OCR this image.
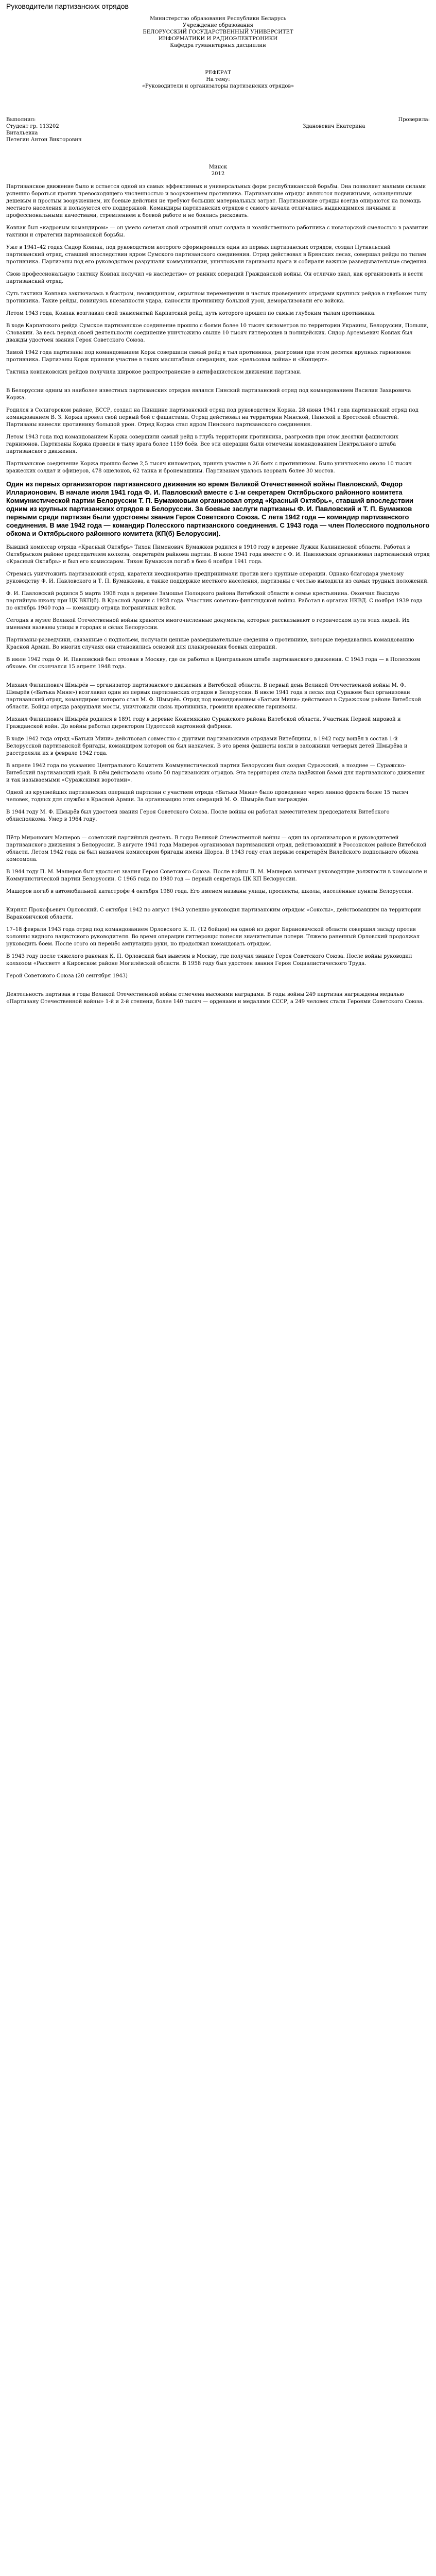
Руководители партизанских отрядов
Министерство образования Республики Беларусь
Учреждение образования
БЕЛОРУССКИЙ ГОСУДАРСТВЕННЫЙ УНИВЕРСИТЕТ
ИНФОРМАТИКИ И РАДИОЭЛЕКТРОНИКИ
Кафедра гуманитарных дисциплин
РЕФЕРАТ
На тему:
«Руководители и организаторы партизанских отрядов»
Выполнил:	Проверила:
Студент гр. 113202	Здановевич Екатерина
Витальевна
Петегин Антон Викторович
Минск
2012

Партизанское движение было и остается одной из самых эффективных и универсальных форм республиканской борьбы. Она позволяет малыми силами успешно бороться против превосходящего численностью и вооружением противника. Партизанские отряды являются подвижными, оснащенными дешевым и простым вооружением, их боевые действия не требуют больших материальных затрат. Партизанские отряды всегда опираются на помощь местного населения и пользуются его поддержкой. Командиры партизанских отрядов с самого начала отличались выдающимися личными и профессиональными качествами, стремлением к боевой работе и не боялись рисковать.

Ковпак был «кадровым командиром» — он умело сочетал свой огромный опыт солдата и хозяйственного работника с новаторской смелостью в развитии тактики и стратегии партизанской борьбы.

Уже в 1941–42 годах Сидор Ковпак, под руководством которого сформировался один из первых партизанских отрядов, создал Путивльский партизанский отряд, ставший впоследствии ядром Сумского партизанского соединения. Отряд действовал в Брянских лесах, совершал рейды по тылам противника. Партизаны под его руководством разрушали коммуникации, уничтожали гарнизоны врага и собирали важные разведывательные сведения.

Свою профессиональную тактику Ковпак получил «в наследство» от ранних операций Гражданской войны. Он отлично знал, как организовать и вести партизанский отряд.

Суть тактики Ковпака заключалась в быстром, неожиданном, скрытном перемещении и частых проведениях отрядами крупных рейдов в глубоком тылу противника. Такие рейды, повинуясь внезапности удара, наносили противнику большой урон, деморализовали его войска.

Летом 1943 года, Ковпак возглавил свой знаменитый Карпатский рейд, путь которого прошел по самым глубоким тылам противника.

В ходе Карпатского рейда Сумское партизанское соединение прошло с боями более 10 тысяч километров по территории Украины, Белоруссии, Польши, Словакии. За весь период своей деятельности соединение уничтожило свыше 10 тысяч гитлеровцев и полицейских. Сидор Артемьевич Ковпак был дважды удостоен звания Героя Советского Союза.

Зимой 1942 года партизаны под командованием Корж совершили самый рейд в тыл противника, разгромив при этом десятки крупных гарнизонов противника. Партизаны Корж приняли участие в таких масштабных операциях, как «рельсовая война» и «Концерт».

Тактика ковпаковских рейдов получила широкое распространение в антифашистском движении партизан.

В Белоруссии одним из наиболее известных партизанских отрядов являлся Пинский партизанский отряд под командованием Василия Захаровича Коржа.

Родился в Солигорском районе, БССР, создал на Пинщине партизанский отряд под руководством Коржа. 28 июня 1941 года партизанский отряд под командованием В. З. Коржа провел свой первый бой с фашистами. Отряд действовал на территории Минской, Пинской и Брестской областей. Партизаны нанесли противнику большой урон. Отряд Коржа стал ядром Пинского партизанского соединения.

Летом 1943 года под командованием Коржа совершили самый рейд в глубь территории противника, разгромив при этом десятки фашистских гарнизонов. Партизаны Коржа провели в тылу врага более 1159 боёв. Все эти операции были отмечены командованием Центрального штаба партизанского движения.

Партизанское соединение Коржа прошло более 2,5 тысяч километров, приняв участие в 26 боях с противником. Было уничтожено около 10 тысяч вражеских солдат и офицеров, 478 эшелонов, 62 танка и бронемашины. Партизанам удалось взорвать более 30 мостов.

Один из первых организаторов партизанского движения во время Великой Отечественной войны Павловский, Федор Илларионович. В начале июля 1941 года Ф. И. Павловский вместе с 1-м секретарем Октябрьского районного комитета Коммунистической партии Белоруссии Т. П. Бумажковым организовал отряд «Красный Октябрь», ставший впоследствии одним из крупных партизанских отрядов в Белоруссии. За боевые заслуги партизаны Ф. И. Павловский и Т. П. Бумажков первыми среди партизан были удостоены звания Героя Советского Союза. С лета 1942 года — командир партизанского соединения. В мае 1942 года — командир Полесского партизанского соединения. С 1943 года — член Полесского подпольного обкома и Октябрьского районного комитета (КП(б) Белоруссии).

Бывший комиссар отряда «Красный Октябрь» Тихон Пименович Бумажков родился в 1910 году в деревне Лужки Калининской области. Работал в Октябрьском районе председателем колхоза, секретарём райкома партии. В июле 1941 года вместе с Ф. И. Павловским организовал партизанский отряд «Красный Октябрь» и был его комиссаром. Тихон Бумажков погиб в бою 6 ноября 1941 года.

Стремясь уничтожить партизанский отряд, каратели неоднократно предпринимали против него крупные операции. Однако благодаря умелому руководству Ф. И. Павловского и Т. П. Бумажкова, а также поддержке местного населения, партизаны с честью выходили из самых трудных положений.

Ф. И. Павловский родился 5 марта 1908 года в деревне Замошье Полоцкого района Витебской области в семье крестьянина. Окончил Высшую партийную школу при ЦК ВКП(б). В Красной Армии с 1928 года. Участник советско-финляндской войны. Работал в органах НКВД. С ноября 1939 года по октябрь 1940 года — командир отряда пограничных войск.

Сегодня в музее Великой Отечественной войны хранятся многочисленные документы, которые рассказывают о героическом пути этих людей. Их именами названы улицы в городах и сёлах Белоруссии.

Партизаны-разведчики, связанные с подпольем, получали ценные разведывательные сведения о противнике, которые передавались командованию Красной Армии. Во многих случаях они становились основой для планирования боевых операций.

В июле 1942 года Ф. И. Павловский был отозван в Москву, где он работал в Центральном штабе партизанского движения. С 1943 года — в Полесском обкоме. Он скончался 15 апреля 1948 года.

Михаил Филиппович Шмырёв — организатор партизанского движения в Витебской области. В первый день Великой Отечественной войны М. Ф. Шмырёв («Батька Миня») возглавил один из первых партизанских отрядов в Белоруссии. В июле 1941 года в лесах под Суражем был организован партизанский отряд, командиром которого стал М. Ф. Шмырёв. Отряд под командованием «Батьки Мини» действовал в Суражском районе Витебской области. Бойцы отряда разрушали мосты, уничтожали связь противника, громили вражеские гарнизоны.

Михаил Филиппович Шмырёв родился в 1891 году в деревне Кожемякино Суражского района Витебской области. Участник Первой мировой и Гражданской войн. До войны работал директором Пудотской картонной фабрики.

В ходе 1942 года отряд «Батьки Мини» действовал совместно с другими партизанскими отрядами Витебщины, в 1942 году вошёл в состав 1-й Белорусской партизанской бригады, командиром которой он был назначен. В это время фашисты взяли в заложники четверых детей Шмырёва и расстреляли их в феврале 1942 года.

В апреле 1942 года по указанию Центрального Комитета Коммунистической партии Белоруссии был создан Суражский, а позднее — Суражско-Витебский партизанский край. В нём действовало около 50 партизанских отрядов. Эта территория стала надёжной базой для партизанского движения и так называемыми «Суражскими воротами».

Одной из крупнейших партизанских операций партизан с участием отряда «Батьки Мини» было проведение через линию фронта более 15 тысяч человек, годных для службы в Красной Армии. За организацию этих операций М. Ф. Шмырёв был награждён.

В 1944 году М. Ф. Шмырёв был удостоен звания Героя Советского Союза. После войны он работал заместителем председателя Витебского облисполкома. Умер в 1964 году.

Пётр Миронович Машеров — советский партийный деятель. В годы Великой Отечественной войны — один из организаторов и руководителей партизанского движения в Белоруссии. В августе 1941 года Машеров организовал партизанский отряд, действовавший в Россонском районе Витебской области. Летом 1942 года он был назначен комиссаром бригады имени Щорса. В 1943 году стал первым секретарём Вилейского подпольного обкома комсомола.

В 1944 году П. М. Машеров был удостоен звания Героя Советского Союза. После войны П. М. Машеров занимал руководящие должности в комсомоле и Коммунистической партии Белоруссии. С 1965 года по 1980 год — первый секретарь ЦК КП Белоруссии.

Машеров погиб в автомобильной катастрофе 4 октября 1980 года. Его именем названы улицы, проспекты, школы, населённые пункты Белоруссии.

Кирилл Прокофьевич Орловский. С октября 1942 по август 1943 успешно руководил партизанским отрядом «Соколы», действовавшим на территории Барановичской области.

17–18 февраля 1943 года отряд под командованием Орловского К. П. (12 бойцов) на одной из дорог Барановичской области совершил засаду против колонны видного нацистского руководителя. Во время операции гитлеровцы понесли значительные потери. Тяжело раненный Орловский продолжал руководить боем. После этого он перенёс ампутацию руки, но продолжал командовать отрядом.

В 1943 году после тяжелого ранения К. П. Орловский был вывезен в Москву, где получил звание Героя Советского Союза. После войны руководил колхозом «Рассвет» в Кировском районе Могилёвской области. В 1958 году был удостоен звания Героя Социалистического Труда.

Герой Советского Союза (20 сентября 1943)

Деятельность партизан в годы Великой Отечественной войны отмечена высокими наградами. В годы войны 249 партизан награждены медалью «Партизану Отечественной войны» 1-й и 2-й степени, более 140 тысяч — орденами и медалями СССР, а 249 человек стали Героями Советского Союза.
